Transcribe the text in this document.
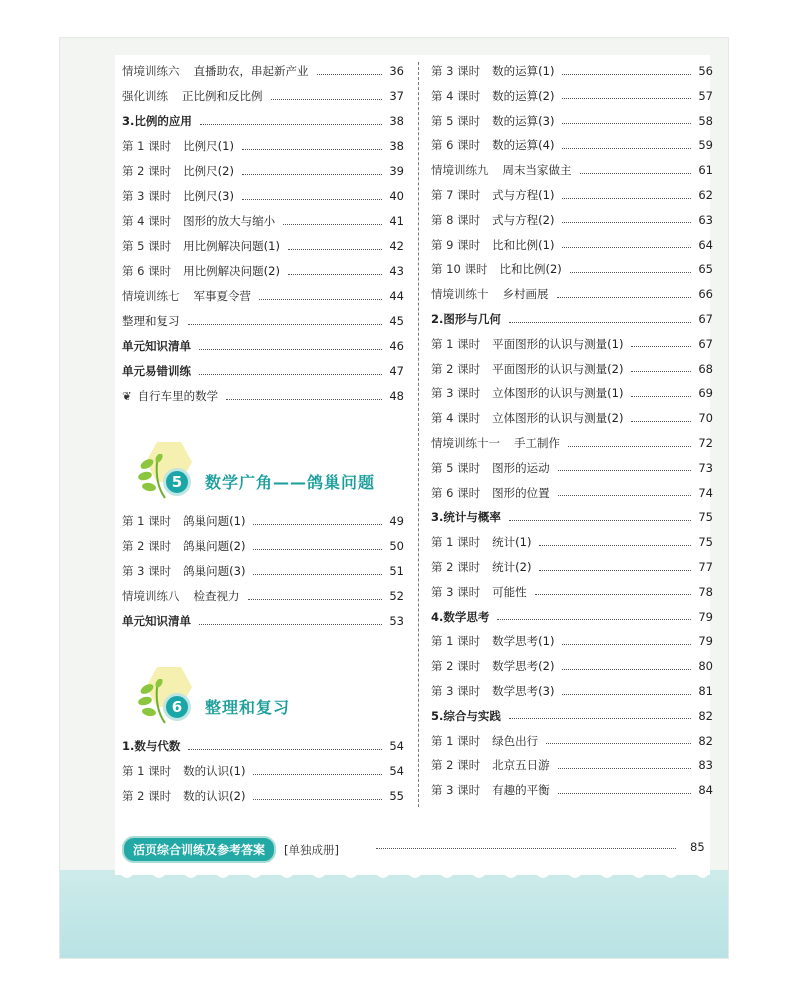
情境训练六 直播助农，串起新产业	36
强化训练 正比例和反比例	37
3.比例的应用	38
第 1 课时 比例尺(1)	38
第 2 课时 比例尺(2)	39
第 3 课时 比例尺(3)	40
第 4 课时 图形的放大与缩小	41
第 5 课时 用比例解决问题(1)	42
第 6 课时 用比例解决问题(2)	43
情境训练七 军事夏令营	44
整理和复习	45
单元知识清单	46
单元易错训练	47
❦ 自行车里的数学	48
第 1 课时 鸽巢问题(1)	49
第 2 课时 鸽巢问题(2)	50
第 3 课时 鸽巢问题(3)	51
情境训练八 检查视力	52
单元知识清单	53
1.数与代数	54
第 1 课时 数的认识(1)	54
第 2 课时 数的认识(2)	55
第 3 课时 数的运算(1)	56
第 4 课时 数的运算(2)	57
第 5 课时 数的运算(3)	58
第 6 课时 数的运算(4)	59
情境训练九 周末当家做主	61
第 7 课时 式与方程(1)	62
第 8 课时 式与方程(2)	63
第 9 课时 比和比例(1)	64
第 10 课时 比和比例(2)	65
情境训练十 乡村画展	66
2.图形与几何	67
第 1 课时 平面图形的认识与测量(1)	67
第 2 课时 平面图形的认识与测量(2)	68
第 3 课时 立体图形的认识与测量(1)	69
第 4 课时 立体图形的认识与测量(2)	70
情境训练十一 手工制作	72
第 5 课时 图形的运动	73
第 6 课时 图形的位置	74
3.统计与概率	75
第 1 课时 统计(1)	75
第 2 课时 统计(2)	77
第 3 课时 可能性	78
4.数学思考	79
第 1 课时 数学思考(1)	79
第 2 课时 数学思考(2)	80
第 3 课时 数学思考(3)	81
5.综合与实践	82
第 1 课时 绿色出行	82
第 2 课时 北京五日游	83
第 3 课时 有趣的平衡	84
5	数学广角——鸽巢问题
6	整理和复习
活页综合训练及参考答案	[单独成册]	85
